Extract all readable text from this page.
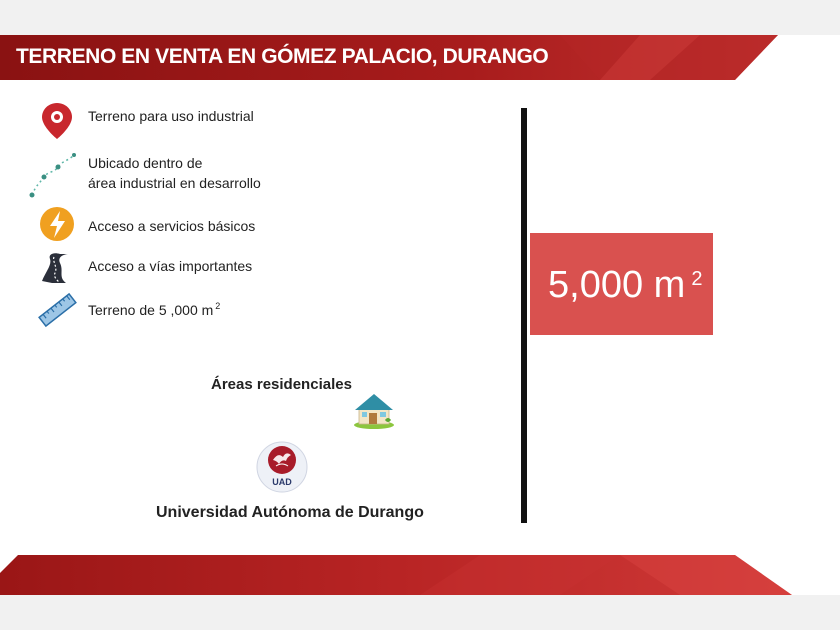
TERRENO EN VENTA EN GÓMEZ PALACIO, DURANGO
Terreno para uso industrial
Ubicado dentro de
área industrial en desarrollo
Acceso a servicios básicos
Acceso a vías importantes
Terreno de 5 ,000 m $^2$	5,000 m $^2$
Áreas residenciales
UAD
Universidad Autónoma de Durango
